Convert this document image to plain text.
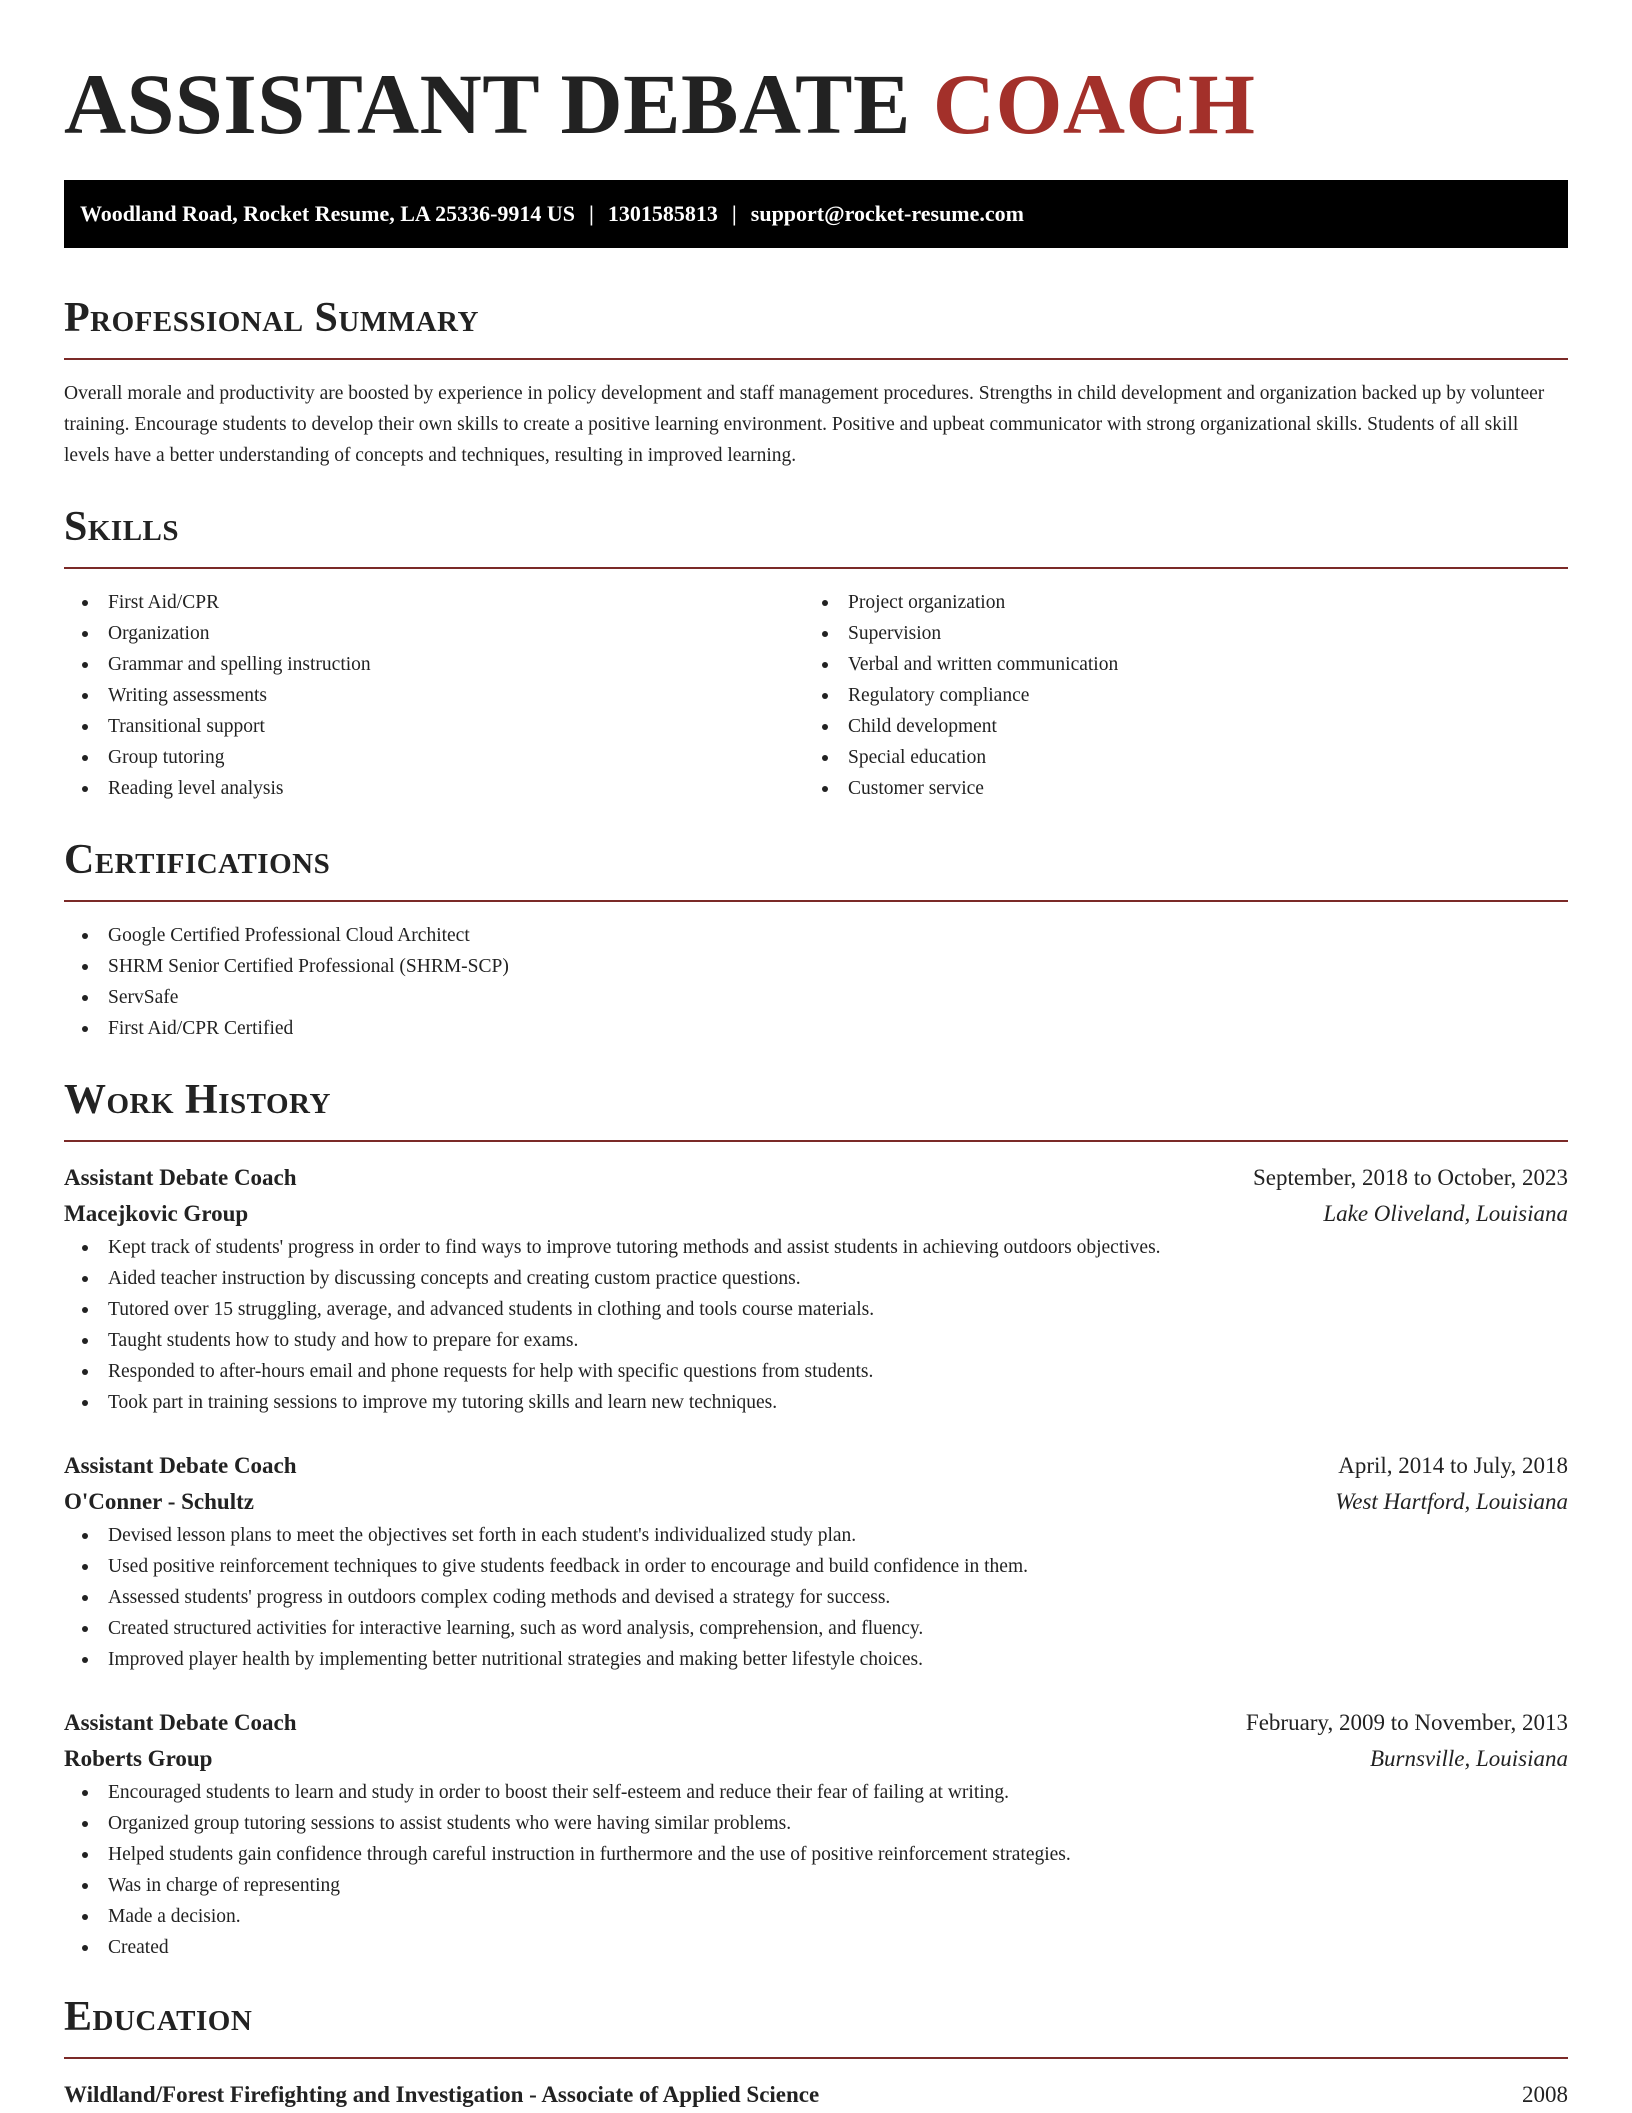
ASSISTANT DEBATE COACH
Woodland Road, Rocket Resume, LA 25336-9914 US | 1301585813 | support@rocket-resume.com
Professional Summary

Overall morale and productivity are boosted by experience in policy development and staff management procedures. Strengths in child development and organization backed up by volunteer training. Encourage students to develop their own skills to create a positive learning environment. Positive and upbeat communicator with strong organizational skills. Students of all skill levels have a better understanding of concepts and techniques, resulting in improved learning.

Skills
First Aid/CPR
Organization
Grammar and spelling instruction
Writing assessments
Transitional support
Group tutoring
Reading level analysis
Project organization
Supervision
Verbal and written communication
Regulatory compliance
Child development
Special education
Customer service
Certifications
Google Certified Professional Cloud Architect
SHRM Senior Certified Professional (SHRM-SCP)
ServSafe
First Aid/CPR Certified
Work History
Assistant Debate Coach	September, 2018 to October, 2023
Macejkovic Group	Lake Oliveland, Louisiana
Kept track of students' progress in order to find ways to improve tutoring methods and assist students in achieving outdoors objectives.
Aided teacher instruction by discussing concepts and creating custom practice questions.
Tutored over 15 struggling, average, and advanced students in clothing and tools course materials.
Taught students how to study and how to prepare for exams.
Responded to after-hours email and phone requests for help with specific questions from students.
Took part in training sessions to improve my tutoring skills and learn new techniques.
Assistant Debate Coach	April, 2014 to July, 2018
O'Conner - Schultz	West Hartford, Louisiana
Devised lesson plans to meet the objectives set forth in each student's individualized study plan.
Used positive reinforcement techniques to give students feedback in order to encourage and build confidence in them.
Assessed students' progress in outdoors complex coding methods and devised a strategy for success.
Created structured activities for interactive learning, such as word analysis, comprehension, and fluency.
Improved player health by implementing better nutritional strategies and making better lifestyle choices.
Assistant Debate Coach	February, 2009 to November, 2013
Roberts Group	Burnsville, Louisiana
Encouraged students to learn and study in order to boost their self-esteem and reduce their fear of failing at writing.
Organized group tutoring sessions to assist students who were having similar problems.
Helped students gain confidence through careful instruction in furthermore and the use of positive reinforcement strategies.
Was in charge of representing
Made a decision.
Created
Education
Wildland/Forest Firefighting and Investigation - Associate of Applied Science	2008
